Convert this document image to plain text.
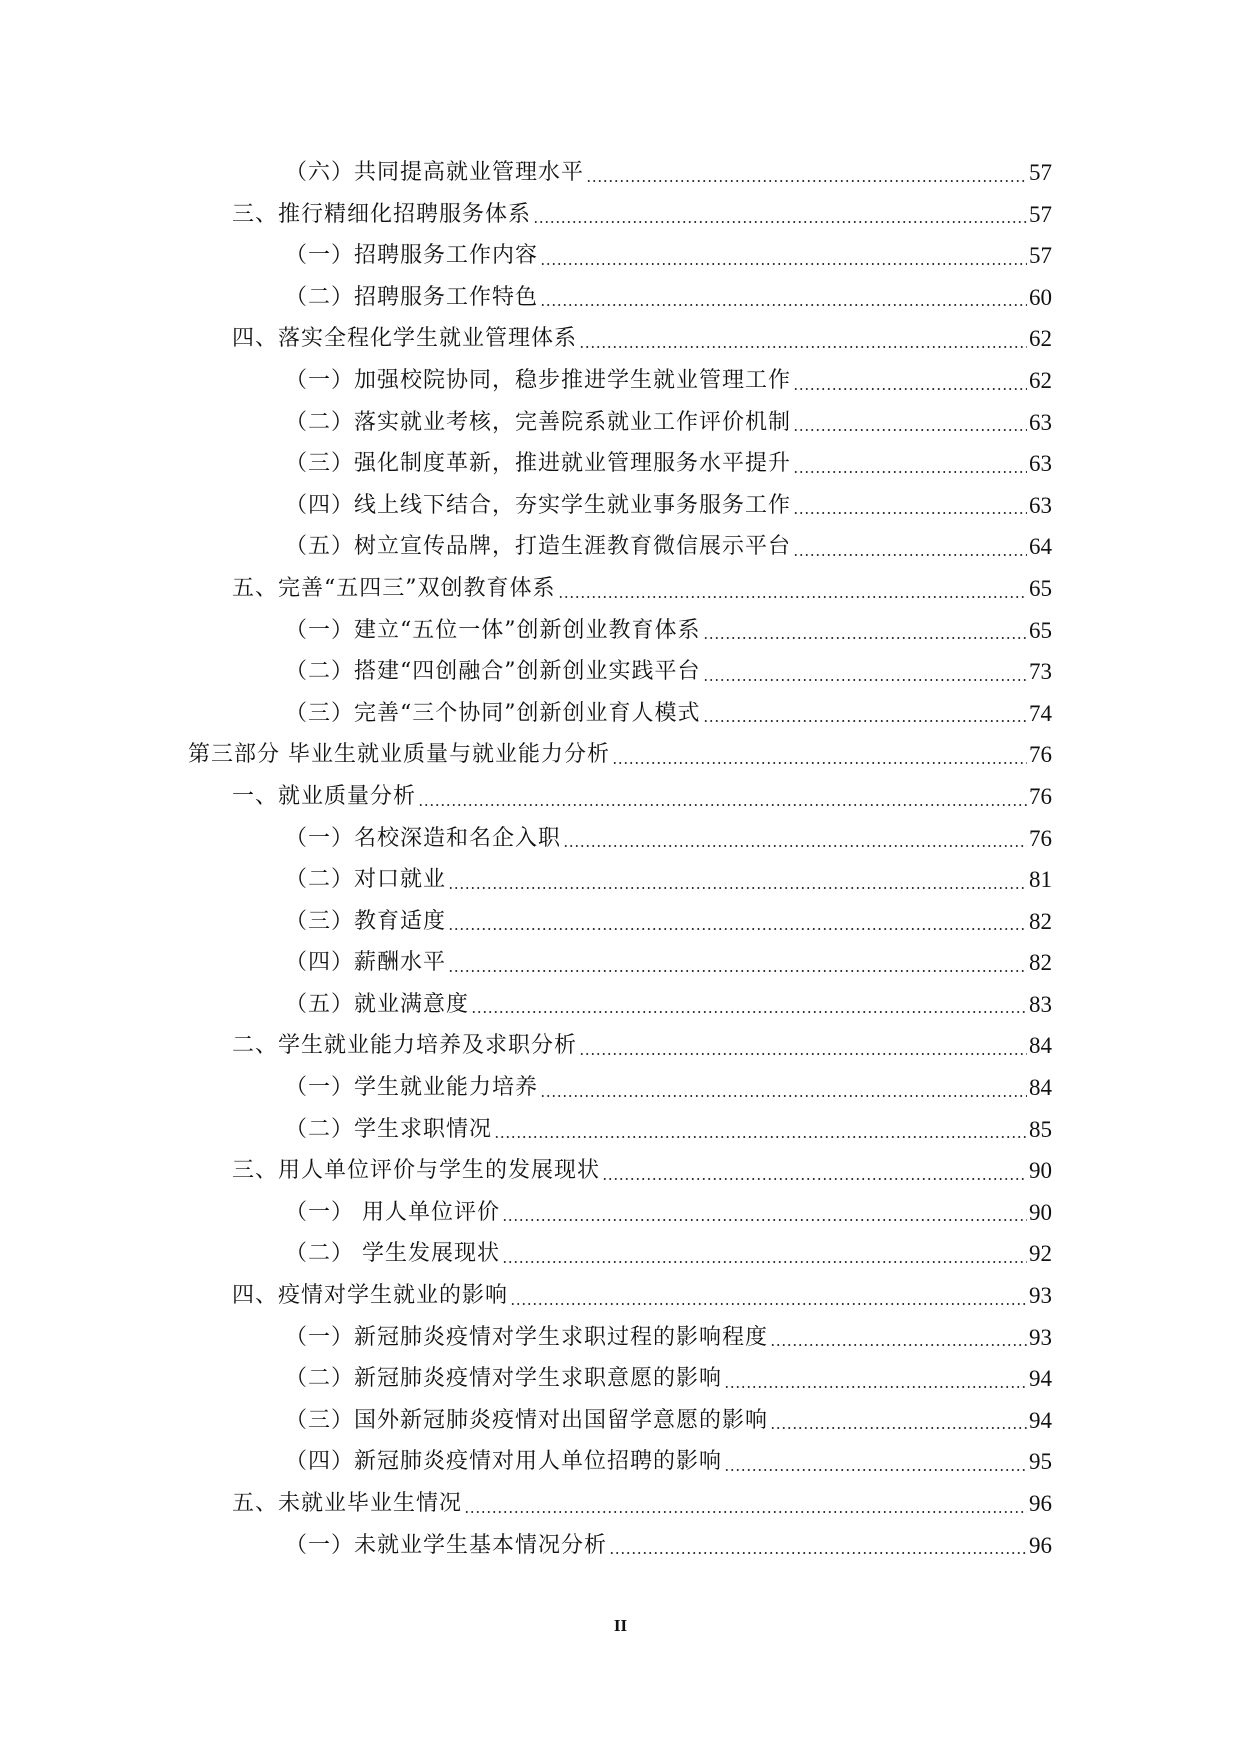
（六）共同提高就业管理水平	57
三、推行精细化招聘服务体系	57
（一）招聘服务工作内容	57
（二）招聘服务工作特色	60
四、落实全程化学生就业管理体系	62
（一）加强校院协同，稳步推进学生就业管理工作	62
（二）落实就业考核，完善院系就业工作评价机制	63
（三）强化制度革新，推进就业管理服务水平提升	63
（四）线上线下结合，夯实学生就业事务服务工作	63
（五）树立宣传品牌，打造生涯教育微信展示平台	64
五、完善“五四三”双创教育体系	65
（一）建立“五位一体”创新创业教育体系	65
（二）搭建“四创融合”创新创业实践平台	73
（三）完善“三个协同”创新创业育人模式	74
第三部分 毕业生就业质量与就业能力分析	76
一、就业质量分析	76
（一）名校深造和名企入职	76
（二）对口就业	81
（三）教育适度	82
（四）薪酬水平	82
（五）就业满意度	83
二、学生就业能力培养及求职分析	84
（一）学生就业能力培养	84
（二）学生求职情况	85
三、用人单位评价与学生的发展现状	90
（一） 用人单位评价	90
（二） 学生发展现状	92
四、疫情对学生就业的影响	93
（一）新冠肺炎疫情对学生求职过程的影响程度	93
（二）新冠肺炎疫情对学生求职意愿的影响	94
（三）国外新冠肺炎疫情对出国留学意愿的影响	94
（四）新冠肺炎疫情对用人单位招聘的影响	95
五、未就业毕业生情况	96
（一）未就业学生基本情况分析	96
II
